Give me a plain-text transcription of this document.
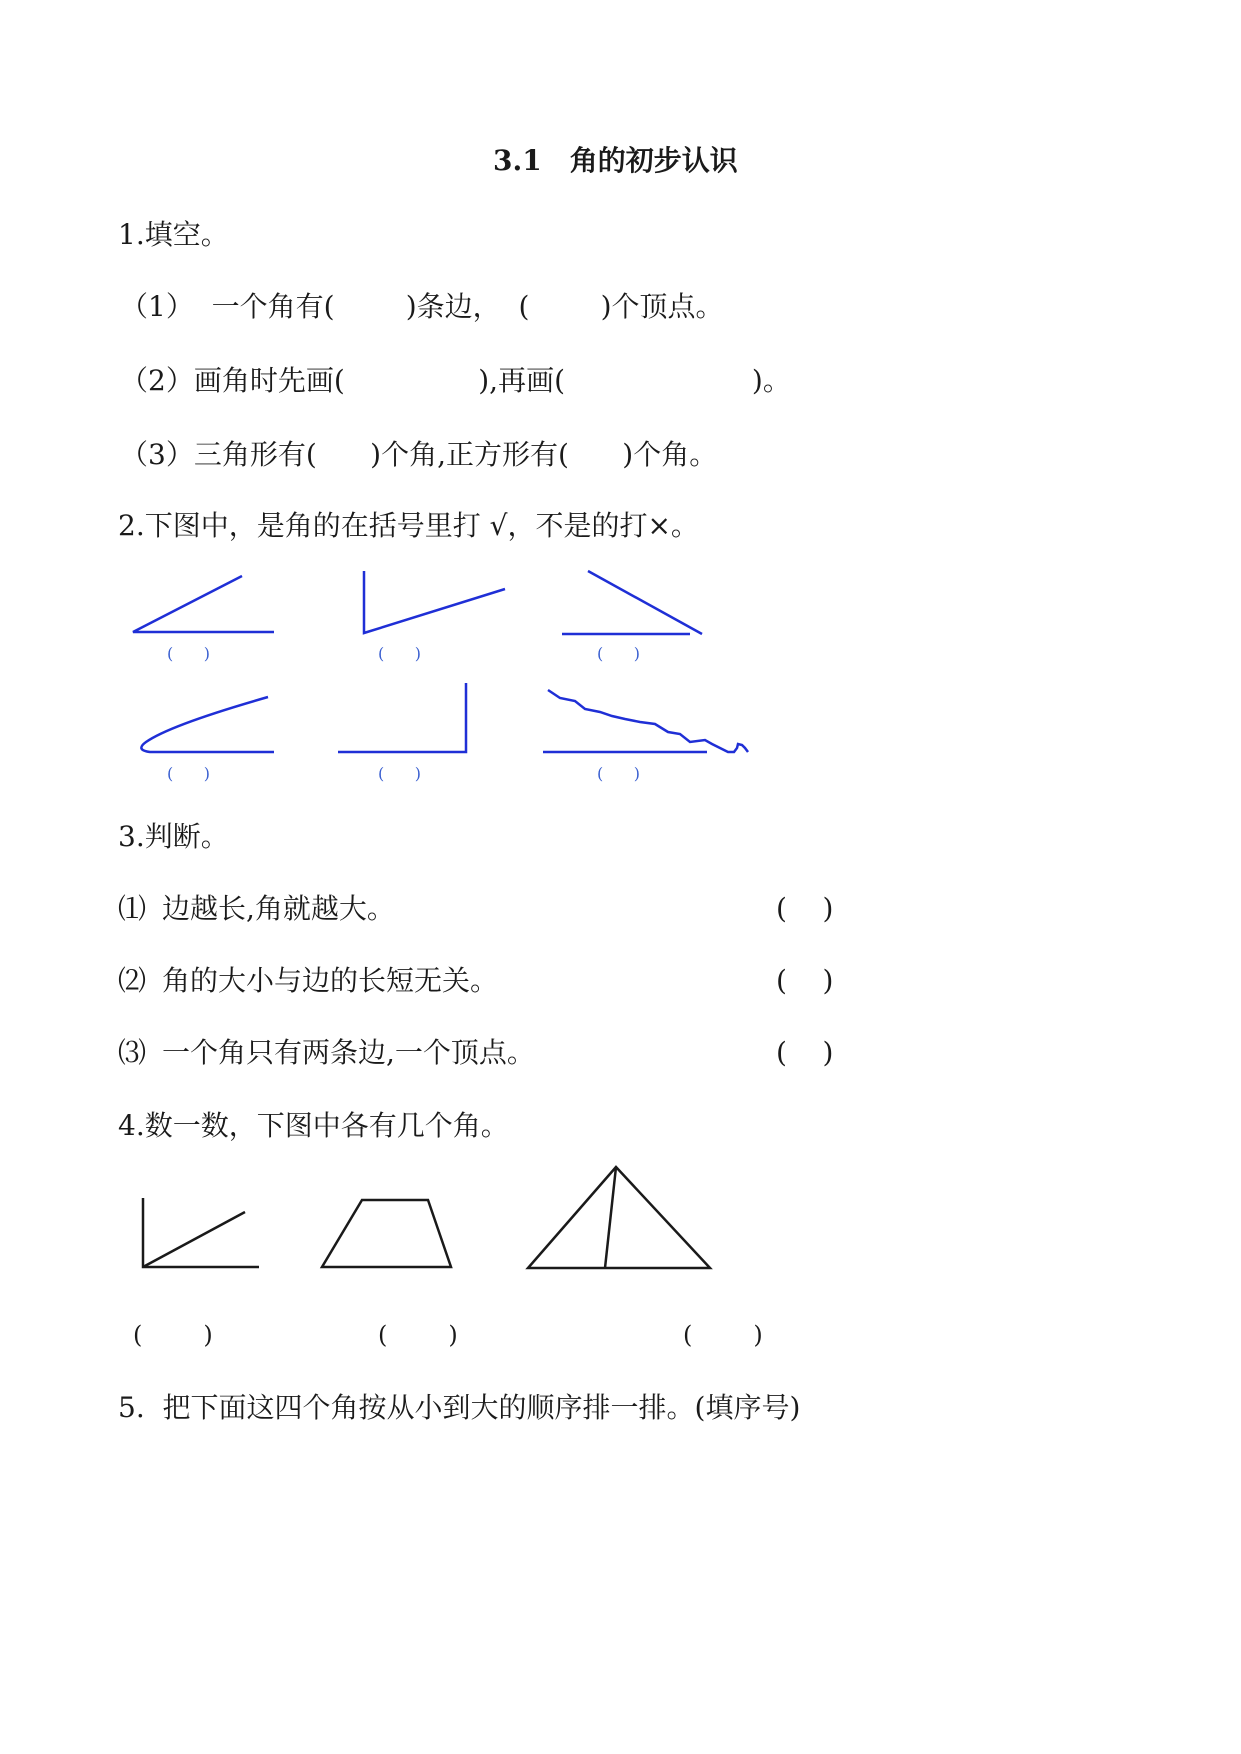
3.1　角的初步认识
1.填空。
（1）  一个角有(        )条边，  (        )个顶点。
（2）画角时先画(               ),再画(                     )。
（3）三角形有(      )个角,正方形有(      )个角。
2.下图中，是角的在括号里打 √，不是的打×。
(      )	(      )	(      )
(      )	(      )	(      )
3.判断。
⑴ 边越长,角就越大。	(    )
⑵ 角的大小与边的长短无关。	(    )
⑶ 一个角只有两条边,一个顶点。	(    )
4.数一数，下图中各有几个角。
(        )	(        )	(        )
5.  把下面这四个角按从小到大的顺序排一排。(填序号)
